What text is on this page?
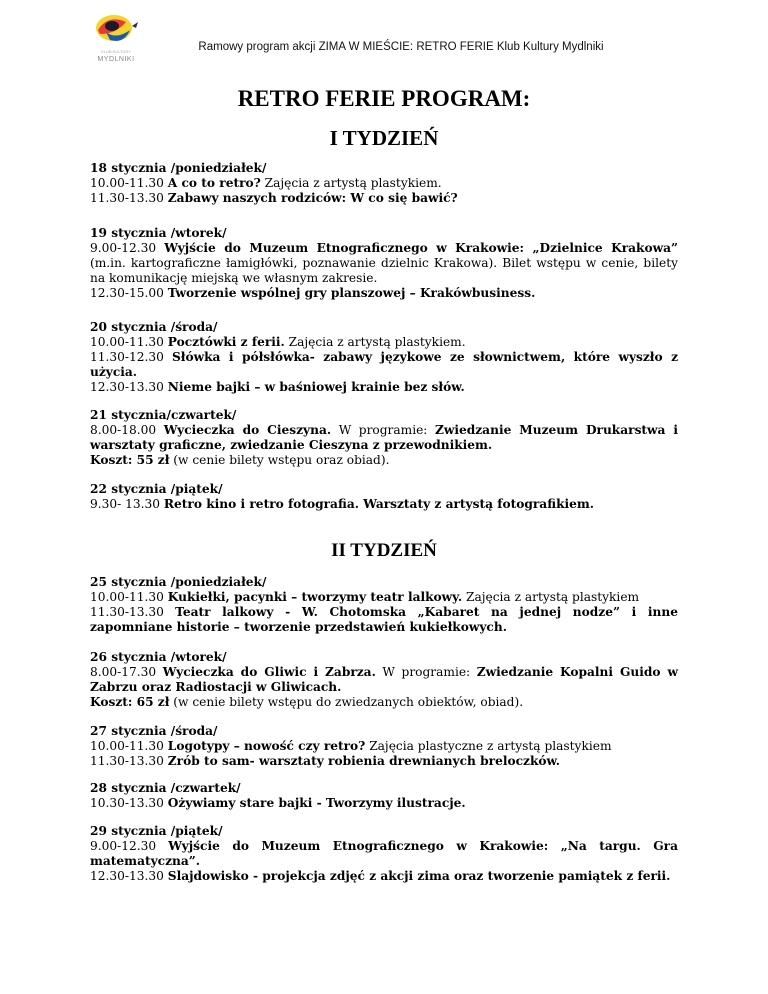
KLUB KULTURY
MYDLNIKI
Ramowy program akcji ZIMA W MIEŚCIE: RETRO FERIE Klub Kultury Mydlniki
RETRO FERIE PROGRAM:
I TYDZIEŃ

18 stycznia /poniedziałek/

10.00-11.30 A co to retro? Zajęcia z artystą plastykiem.

11.30-13.30 Zabawy naszych rodziców: W co się bawić?

19 stycznia /wtorek/

9.00-12.30 Wyjście do Muzeum Etnograficznego w Krakowie: „Dzielnice Krakowa” (m.in. kartograficzne łamigłówki, poznawanie dzielnic Krakowa). Bilet wstępu w cenie, bilety na komunikację miejską we własnym zakresie.

12.30-15.00 Tworzenie wspólnej gry planszowej – Krakówbusiness.

20 stycznia /środa/

10.00-11.30 Pocztówki z ferii. Zajęcia z artystą plastykiem.

11.30-12.30 Słówka i półsłówka- zabawy językowe ze słownictwem, które wyszło z użycia.

12.30-13.30 Nieme bajki – w baśniowej krainie bez słów.

21 stycznia/czwartek/

8.00-18.00 Wycieczka do Cieszyna. W programie: Zwiedzanie Muzeum Drukarstwa i warsztaty graficzne, zwiedzanie Cieszyna z przewodnikiem.

Koszt: 55 zł (w cenie bilety wstępu oraz obiad).

22 stycznia /piątek/

9.30- 13.30 Retro kino i retro fotografia. Warsztaty z artystą fotografikiem.

II TYDZIEŃ

25 stycznia /poniedziałek/

10.00-11.30 Kukiełki, pacynki – tworzymy teatr lalkowy. Zajęcia z artystą plastykiem

11.30-13.30 Teatr lalkowy - W. Chotomska „Kabaret na jednej nodze” i inne zapomniane historie – tworzenie przedstawień kukiełkowych.

26 stycznia /wtorek/

8.00-17.30 Wycieczka do Gliwic i Zabrza. W programie: Zwiedzanie Kopalni Guido w Zabrzu oraz Radiostacji w Gliwicach.

Koszt: 65 zł (w cenie bilety wstępu do zwiedzanych obiektów, obiad).

27 stycznia /środa/

10.00-11.30 Logotypy – nowość czy retro? Zajęcia plastyczne z artystą plastykiem

11.30-13.30 Zrób to sam- warsztaty robienia drewnianych breloczków.

28 stycznia /czwartek/

10.30-13.30 Ożywiamy stare bajki - Tworzymy ilustracje.

29 stycznia /piątek/

9.00-12.30 Wyjście do Muzeum Etnograficznego w Krakowie: „Na targu. Gra matematyczna”.

12.30-13.30 Slajdowisko - projekcja zdjęć z akcji zima oraz tworzenie pamiątek z ferii.
